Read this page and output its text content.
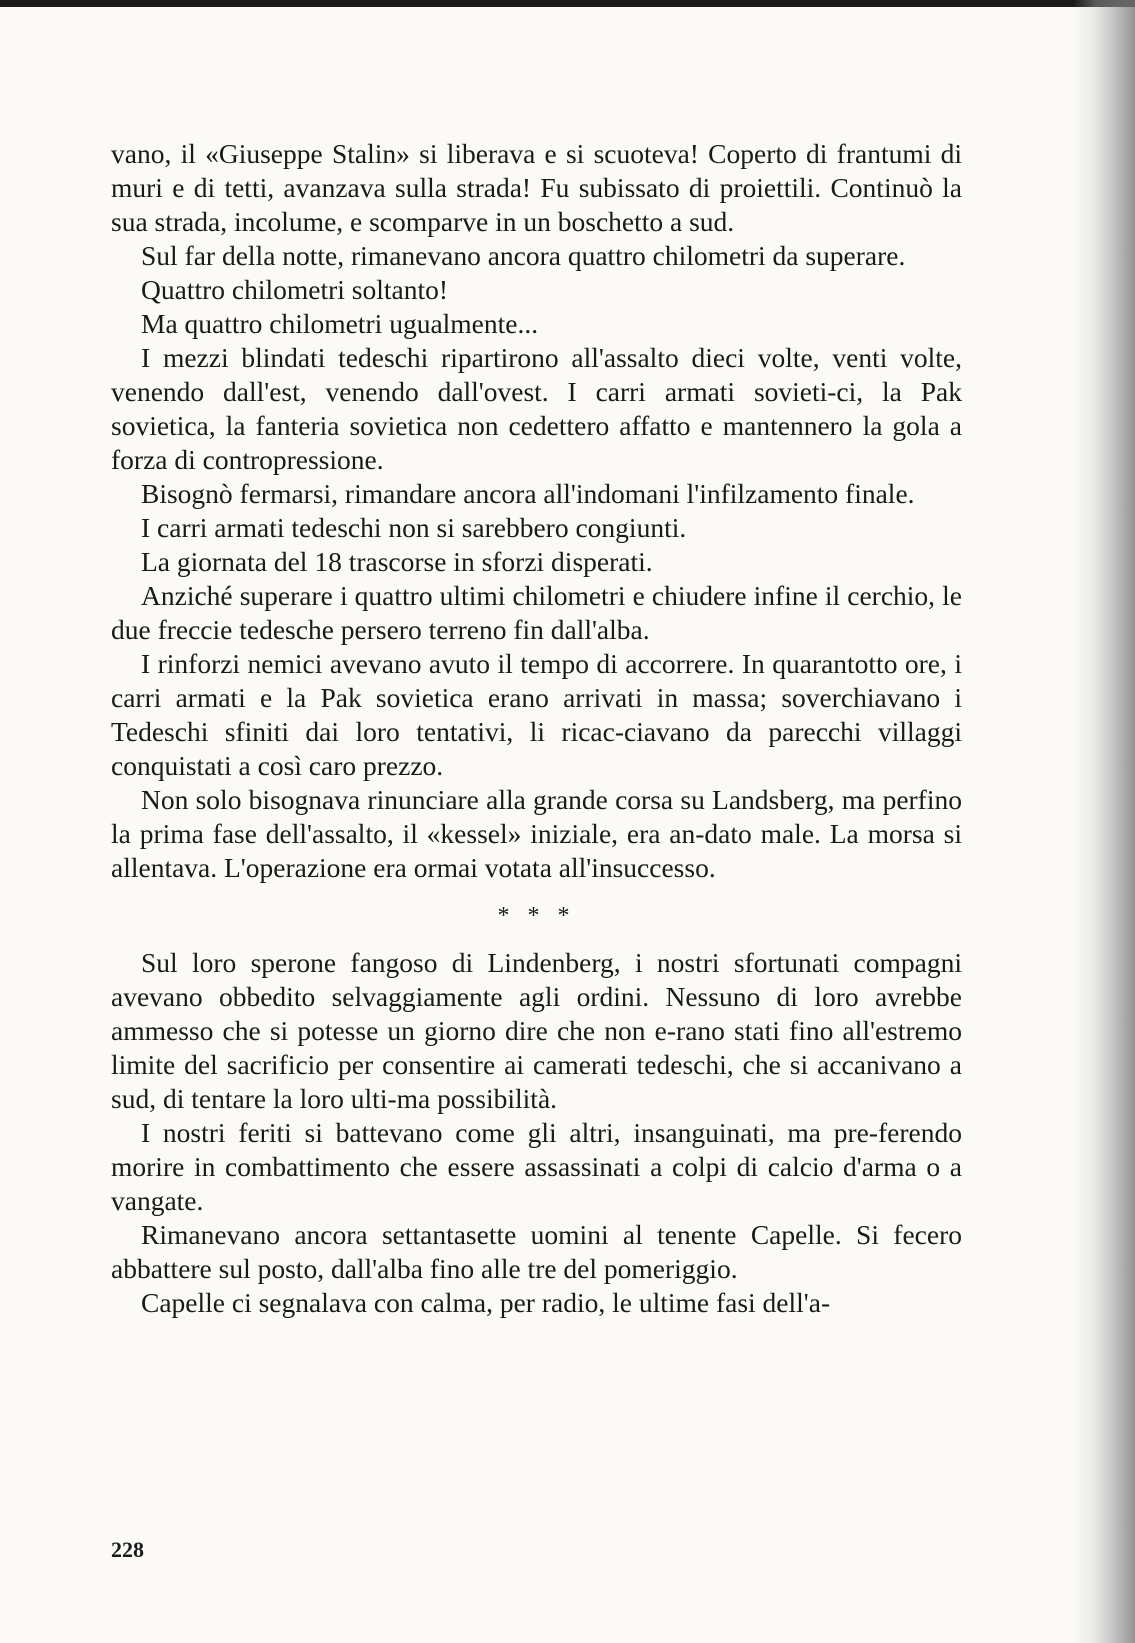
vano, il «Giuseppe Stalin» si liberava e si scuoteva! Coperto di frantumi di muri e di tetti, avanzava sulla strada! Fu subissato di proiettili. Continuò la sua strada, incolume, e scomparve in un boschetto a sud.

Sul far della notte, rimanevano ancora quattro chilometri da superare.

Quattro chilometri soltanto!

Ma quattro chilometri ugualmente...

I mezzi blindati tedeschi ripartirono all'assalto dieci volte, venti volte, venendo dall'est, venendo dall'ovest. I carri armati sovieti-ci, la Pak sovietica, la fanteria sovietica non cedettero affatto e mantennero la gola a forza di contropressione.

Bisognò fermarsi, rimandare ancora all'indomani l'infilzamento finale.

I carri armati tedeschi non si sarebbero congiunti.

La giornata del 18 trascorse in sforzi disperati.

Anziché superare i quattro ultimi chilometri e chiudere infine il cerchio, le due freccie tedesche persero terreno fin dall'alba.

I rinforzi nemici avevano avuto il tempo di accorrere. In quarantotto ore, i carri armati e la Pak sovietica erano arrivati in massa; soverchiavano i Tedeschi sfiniti dai loro tentativi, li ricac-ciavano da parecchi villaggi conquistati a così caro prezzo.

Non solo bisognava rinunciare alla grande corsa su Landsberg, ma perfino la prima fase dell'assalto, il «kessel» iniziale, era an-dato male. La morsa si allentava. L'operazione era ormai votata all'insuccesso.

* * *

Sul loro sperone fangoso di Lindenberg, i nostri sfortunati compagni avevano obbedito selvaggiamente agli ordini. Nessuno di loro avrebbe ammesso che si potesse un giorno dire che non e-rano stati fino all'estremo limite del sacrificio per consentire ai camerati tedeschi, che si accanivano a sud, di tentare la loro ulti-ma possibilità.

I nostri feriti si battevano come gli altri, insanguinati, ma pre-ferendo morire in combattimento che essere assassinati a colpi di calcio d'arma o a vangate.

Rimanevano ancora settantasette uomini al tenente Capelle. Si fecero abbattere sul posto, dall'alba fino alle tre del pomeriggio.

Capelle ci segnalava con calma, per radio, le ultime fasi dell'a-

228
